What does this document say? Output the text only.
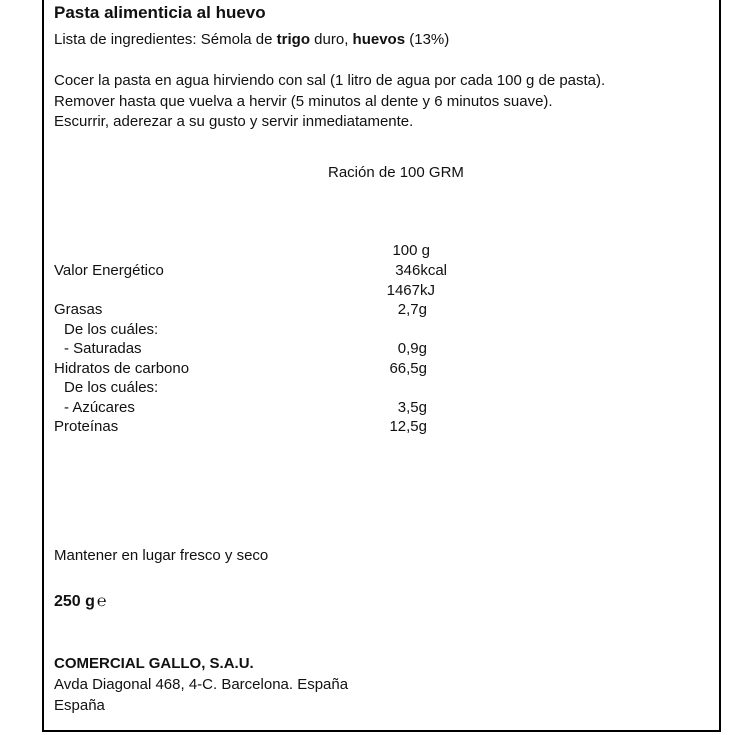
Pasta alimenticia al huevo
Lista de ingredientes: Sémola de trigo duro, huevos (13%)
Cocer la pasta en agua hirviendo con sal (1 litro de agua por cada 100 g de pasta).
Remover hasta que vuelva a hervir (5 minutos al dente y 6 minutos suave).
Escurrir, aderezar a su gusto y servir inmediatamente.
Ración de 100 GRM
100 g
Valor Energético	346kcal
1467kJ
Grasas	2,7g
De los cuáles:
- Saturadas	0,9g
Hidratos de carbono	66,5g
De los cuáles:
- Azúcares	3,5g
Proteínas	12,5g
Mantener en lugar fresco y seco
250 g ℮
COMERCIAL GALLO, S.A.U.
Avda Diagonal 468, 4-C. Barcelona. España
España
